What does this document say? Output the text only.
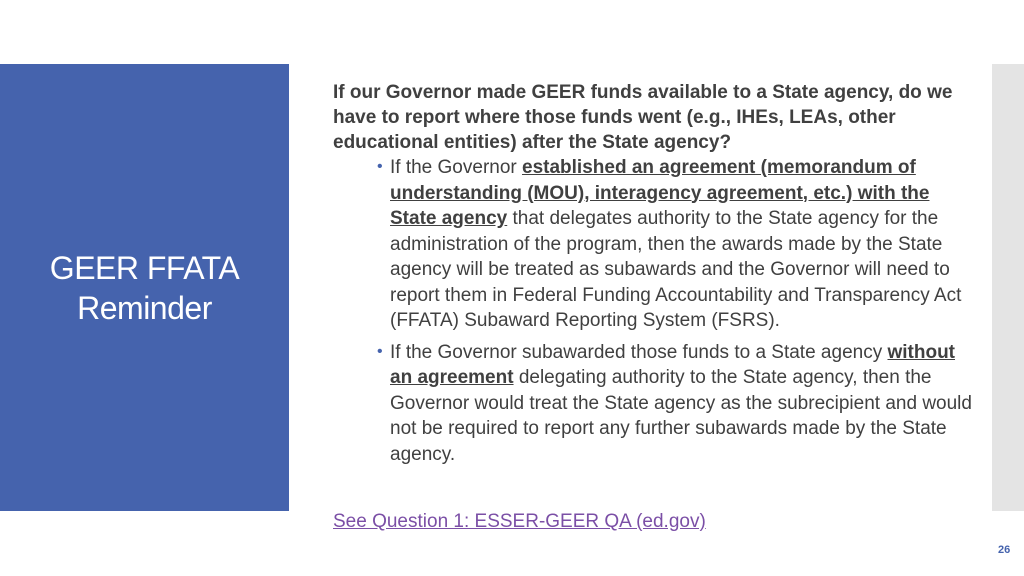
GEER FFATA
Reminder

If our Governor made GEER funds available to a State agency, do we have to report where those funds went (e.g., IHEs, LEAs, other educational entities) after the State agency?

• If the Governor established an agreement (memorandum of understanding (MOU), interagency agreement, etc.) with the State agency that delegates authority to the State agency for the administration of the program, then the awards made by the State agency will be treated as subawards and the Governor will need to report them in Federal Funding Accountability and Transparency Act (FFATA) Subaward Reporting System (FSRS).
• If the Governor subawarded those funds to a State agency without an agreement delegating authority to the State agency, then the Governor would treat the State agency as the subrecipient and would not be required to report any further subawards made by the State agency.
See Question 1: ESSER-GEER QA (ed.gov)
26
